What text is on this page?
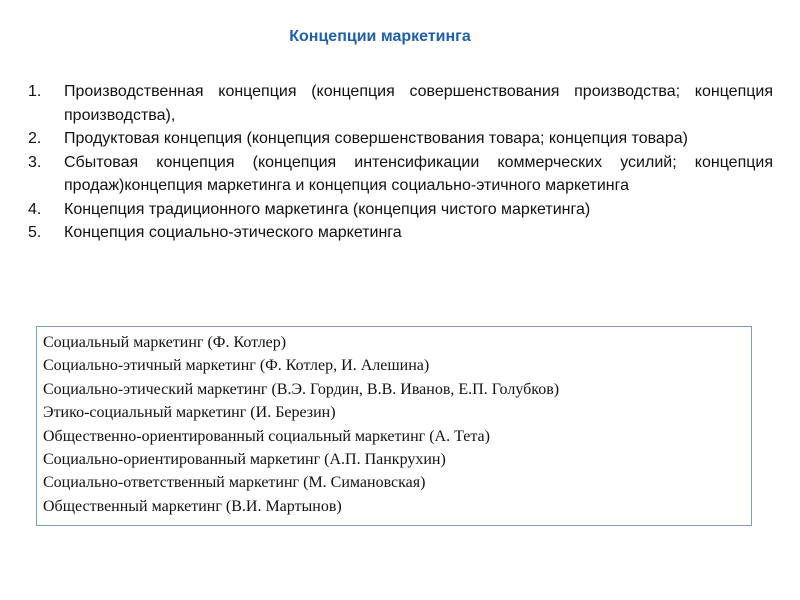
Концепции маркетинга
1. Производственная концепция (концепция совершенствования производства; концепция производства),
2. Продуктовая концепция (концепция совершенствования товара; концепция товара)
3. Сбытовая концепция (концепция интенсификации коммерческих усилий; концепция продаж)концепция маркетинга и концепция социально-этичного маркетинга
4. Концепция традиционного маркетинга (концепция чистого маркетинга)
5. Концепция социально-этического маркетинга
Социальный маркетинг (Ф. Котлер)
Социально-этичный маркетинг (Ф. Котлер, И. Алешина)
Социально-этический маркетинг (В.Э. Гордин, В.В. Иванов, Е.П. Голубков)
Этико-социальный маркетинг (И. Березин)
Общественно-ориентированный социальный маркетинг (А. Тета)
Социально-ориентированный маркетинг (А.П. Панкрухин)
Социально-ответственный маркетинг (М. Симановская)
Общественный маркетинг (В.И. Мартынов)
